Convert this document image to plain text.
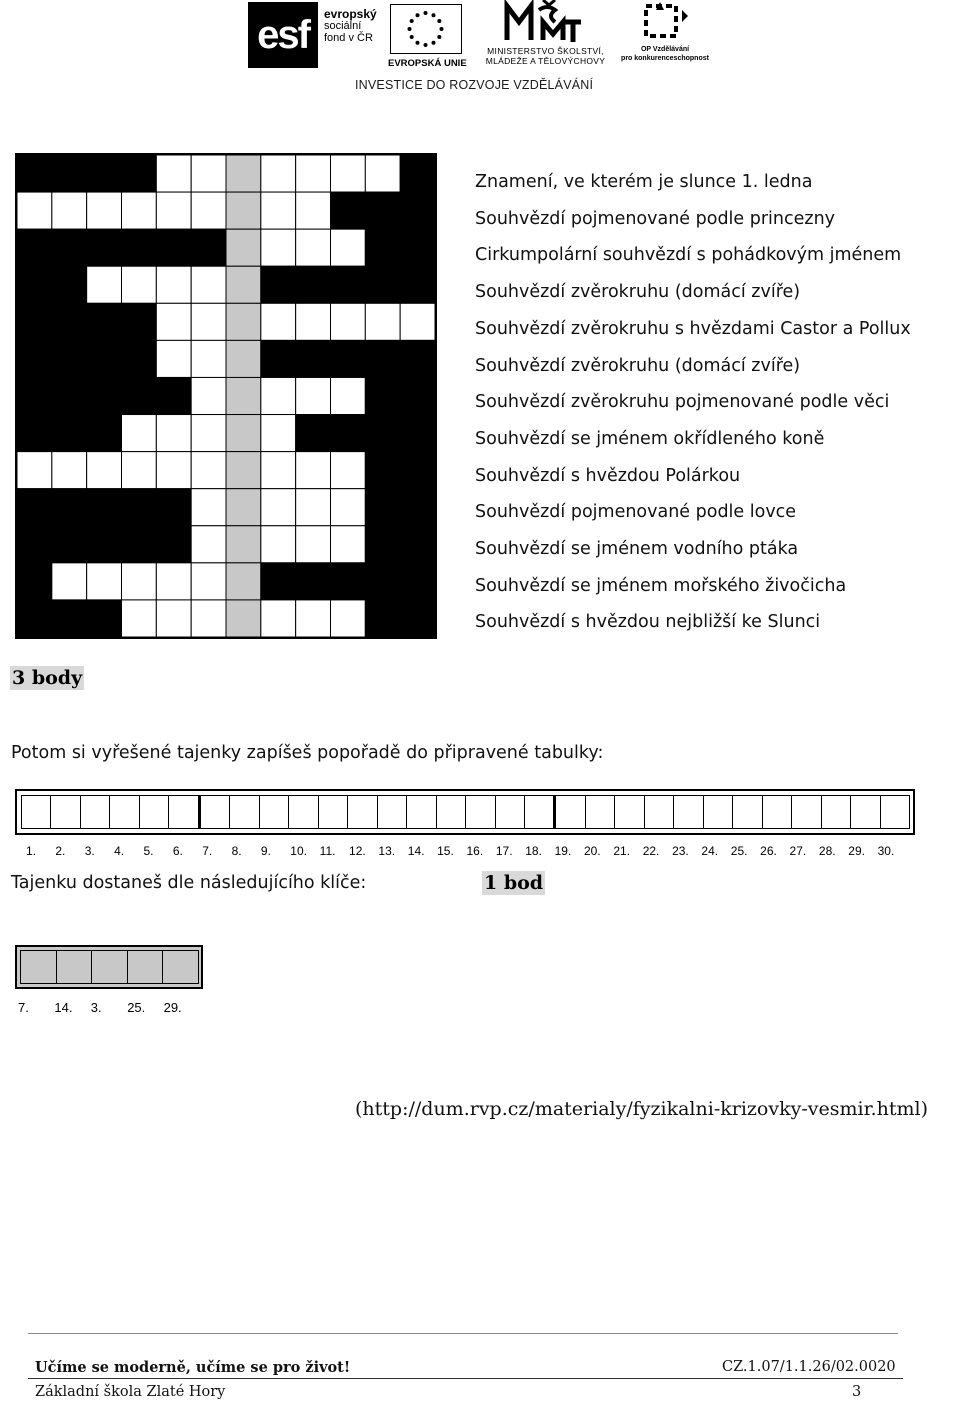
esf	evropský
sociální
fond v ČR
EVROPSKÁ UNIE
MINISTERSTVO ŠKOLSTVÍ,
MLÁDEŽE A TĚLOVÝCHOVY
OP Vzdělávání
pro konkurenceschopnost
INVESTICE DO ROZVOJE VZDĚLÁVÁNÍ
Znamení, ve kterém je slunce 1. ledna
Souhvězdí pojmenované podle princezny
Cirkumpolární souhvězdí s pohádkovým jménem
Souhvězdí zvěrokruhu (domácí zvíře)
Souhvězdí zvěrokruhu s hvězdami Castor a Pollux
Souhvězdí zvěrokruhu (domácí zvíře)
Souhvězdí zvěrokruhu pojmenované podle věci
Souhvězdí se jménem okřídleného koně
Souhvězdí s hvězdou Polárkou
Souhvězdí pojmenované podle lovce
Souhvězdí se jménem vodního ptáka
Souhvězdí se jménem mořského živočicha
Souhvězdí s hvězdou nejbližší ke Slunci
3 body
Potom si vyřešené tajenky zapíšeš popořadě do připravené tabulky:
1. 2. 3. 4. 5. 6. 7. 8. 9. 10. 11. 12. 13. 14. 15. 16. 17. 18. 19. 20. 21. 22. 23. 24. 25. 26. 27. 28. 29. 30.
Tajenku dostaneš dle následujícího klíče:	1 bod
7. 14. 3. 25. 29.
(http://dum.rvp.cz/materialy/fyzikalni-krizovky-vesmir.html)
Učíme se moderně, učíme se pro život!	CZ.1.07/1.1.26/02.0020
Základní škola Zlaté Hory	3
